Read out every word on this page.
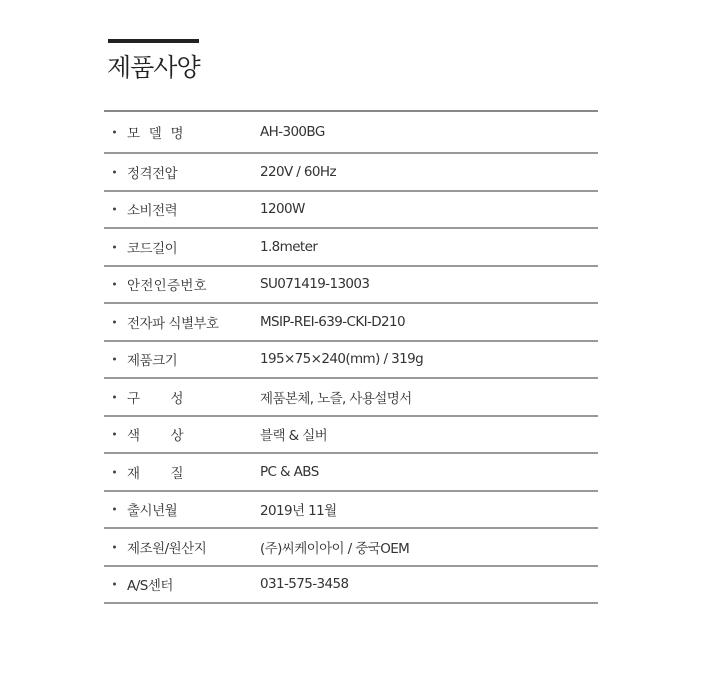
제품사양
모 델 명	AH-300BG
정격전압	220V / 60Hz
소비전력	1200W
코드길이	1.8meter
안 전 인 증 번 호	SU071419-13003
전자파 식별부호	MSIP-REI-639-CKI-D210
제품크기	195×75×240(mm) / 319g
구 성	제품본체, 노즐, 사용설명서
색 상	블랙 & 실버
재 질	PC & ABS
출시년월	2019년 11월
제조원/원산지	(주)씨케이아이 / 중국OEM
A/S센터	031-575-3458
